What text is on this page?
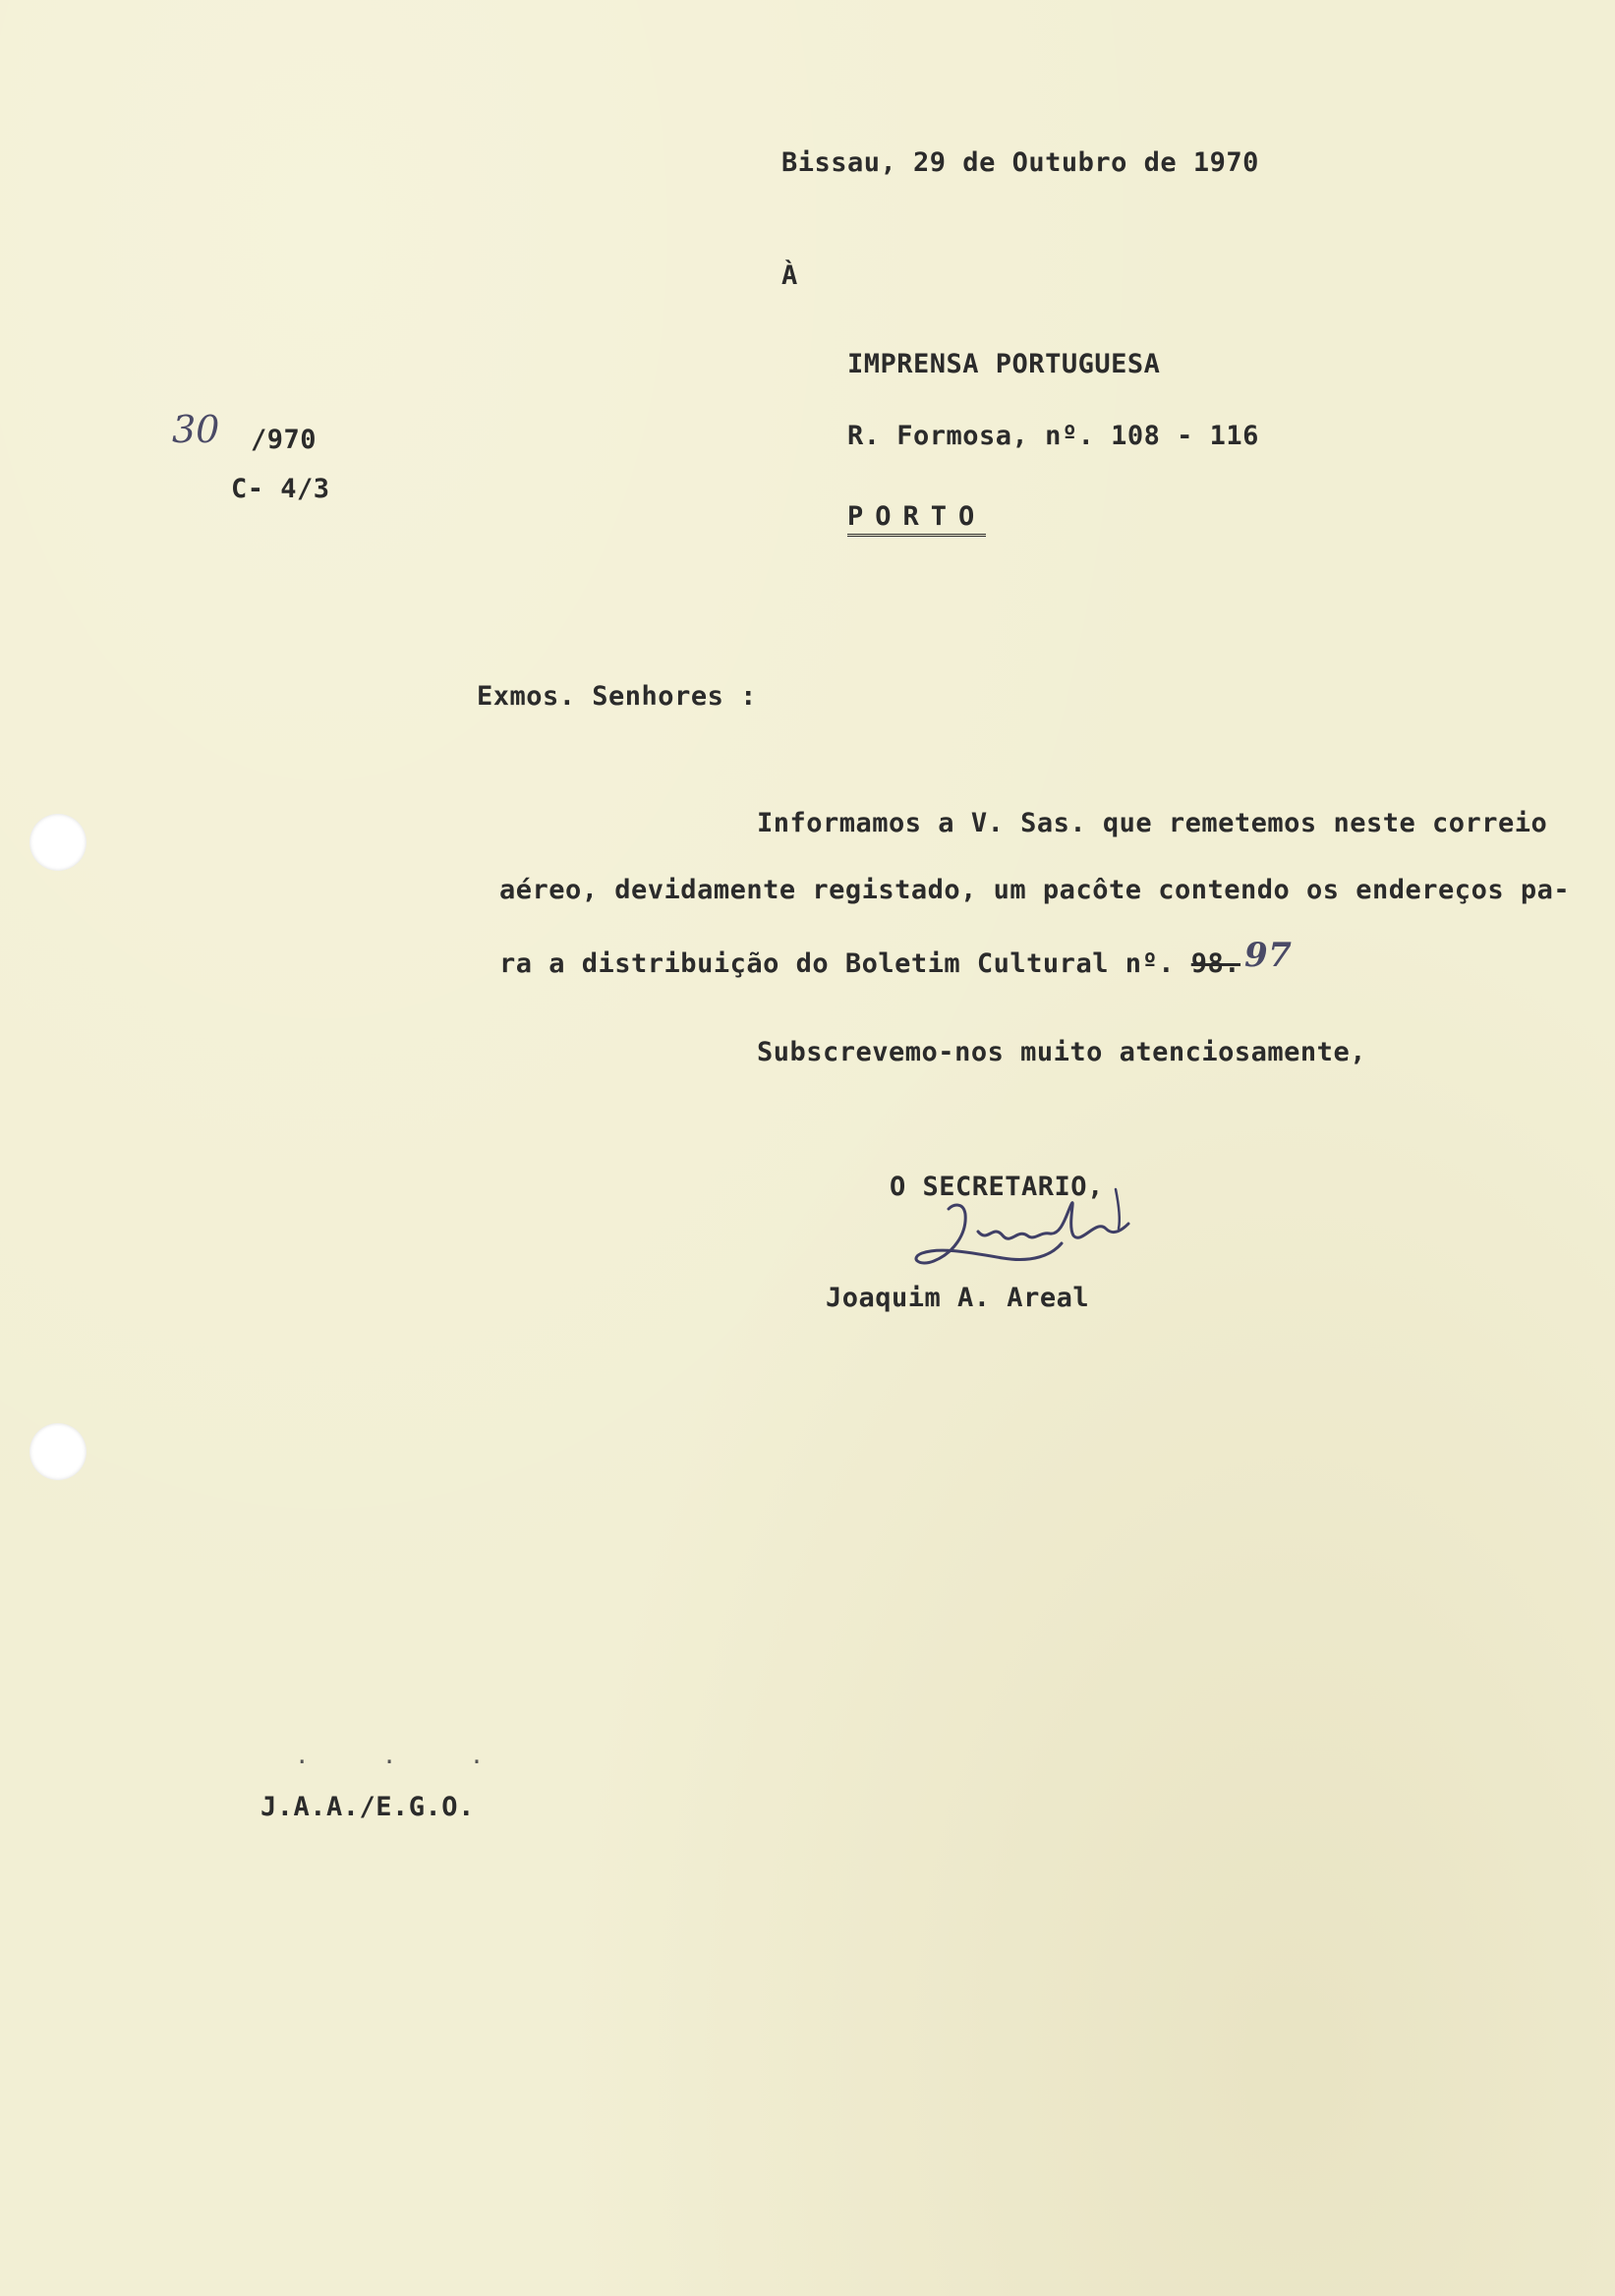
Bissau, 29 de Outubro de 1970
À
IMPRENSA PORTUGUESA
R. Formosa, nº. 108 - 116
PORTO
30 /970
C- 4/3
Exmos. Senhores :
Informamos a V. Sas. que remetemos neste correio
aéreo, devidamente registado, um pacôte contendo os endereços pa-
ra a distribuição do Boletim Cultural nº. 98. 97
Subscrevemo-nos muito atenciosamente,
O SECRETARIO,
Joaquim A. Areal
. . .
J.A.A./E.G.O.
